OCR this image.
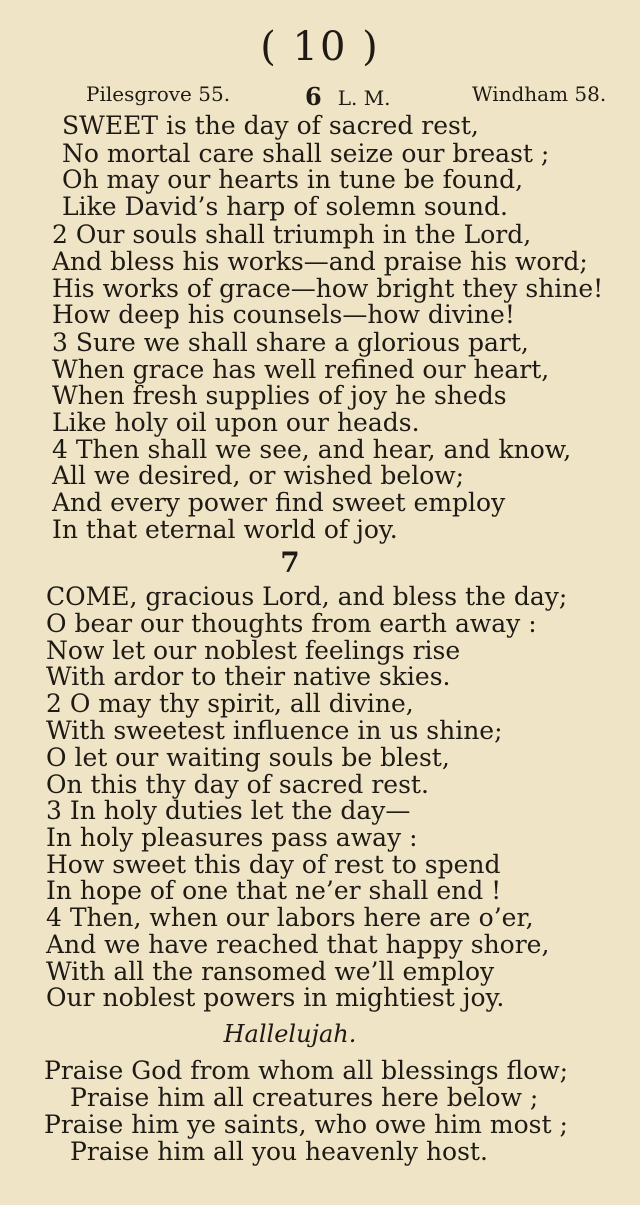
( 10 )
Pilesgrove 55.	6 L. M.	Windham 58.
SWEET is the day of sacred rest,
No mortal care shall seize our breast ;
Oh may our hearts in tune be found,
Like David’s harp of solemn sound.
2 Our souls shall triumph in the Lord,
And bless his works—and praise his word;
His works of grace—how bright they shine!
How deep his counsels—how divine!
3 Sure we shall share a glorious part,
When grace has well refined our heart,
When fresh supplies of joy he sheds
Like holy oil upon our heads.
4 Then shall we see, and hear, and know,
All we desired, or wished below;
And every power find sweet employ
In that eternal world of joy.
7
COME, gracious Lord, and bless the day;
O bear our thoughts from earth away :
Now let our noblest feelings rise
With ardor to their native skies.
2 O may thy spirit, all divine,
With sweetest influence in us shine;
O let our waiting souls be blest,
On this thy day of sacred rest.
3 In holy duties let the day—
In holy pleasures pass away :
How sweet this day of rest to spend
In hope of one that ne’er shall end !
4 Then, when our labors here are o’er,
And we have reached that happy shore,
With all the ransomed we’ll employ
Our noblest powers in mightiest joy.
Hallelujah.
Praise God from whom all blessings flow;
Praise him all creatures here below ;
Praise him ye saints, who owe him most ;
Praise him all you heavenly host.
